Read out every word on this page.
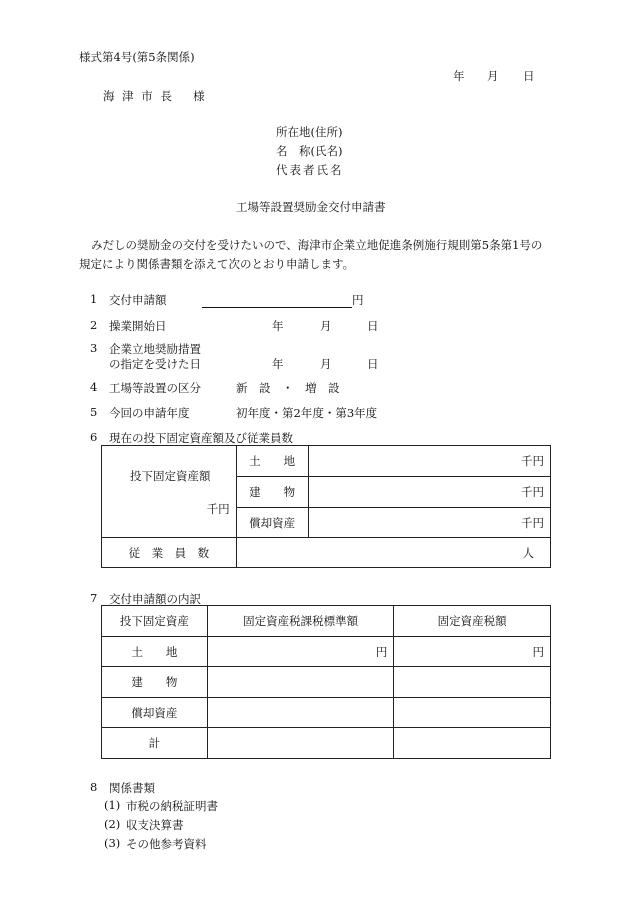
様式第4号(第5条関係)
年 月 日
海 津 市 長　 様
所在地(住所)
名　称(氏名)
代表者氏名
工場等設置奨励金交付申請書
みだしの奨励金の交付を受けたいので、海津市企業立地促進条例施行規則第5条第1号の
規定により関係書類を添えて次のとおり申請します。
1 交付申請額	円
2 操業開始日	年	月	日
3 企業立地奨励措置
の指定を受けた日	年	月	日
4 工場等設置の区分	新　設　・　増　設
5 今回の申請年度	初年度・第2年度・第3年度
6 現在の投下固定資産額及び従業員数
投下固定資産額
千円	土　　地	千円
	建　　物	千円
	償却資産	千円
従　業　員　数	人	
7 交付申請額の内訳
投下固定資産	固定資産税課税標準額	固定資産税額
土　　地	円	円
建　　物		
償却資産		
計		
8 関係書類
(1) 市税の納税証明書
(2) 収支決算書
(3) その他参考資料
